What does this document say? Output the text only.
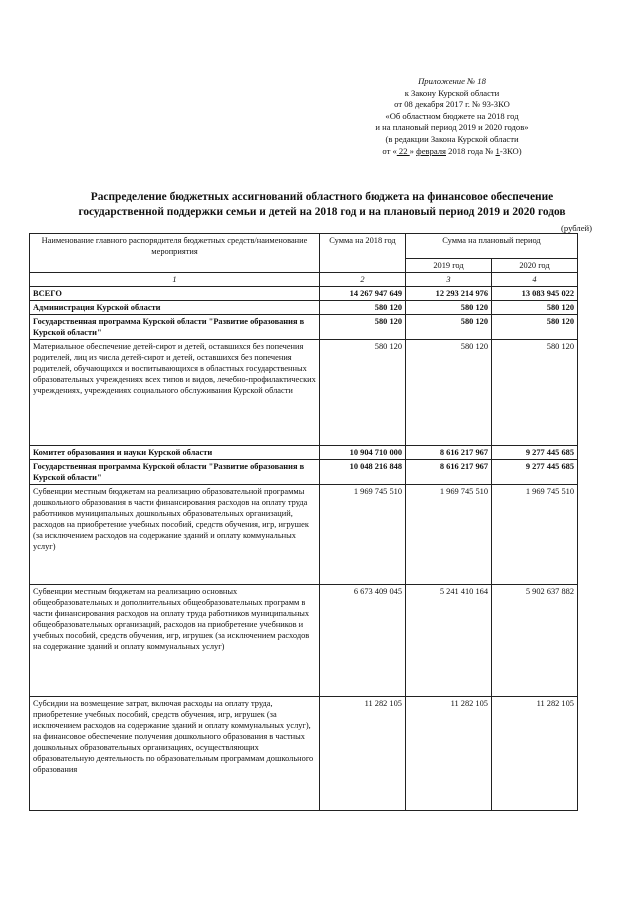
Приложение № 18
к Закону Курской области
от 08 декабря 2017 г. № 93-ЗКО
«Об областном бюджете на 2018 год
и на плановый период 2019 и 2020 годов»
(в редакции Закона Курской области
от « 22 » февраля 2018 года № 1-ЗКО)
Распределение бюджетных ассигнований областного бюджета на финансовое обеспечение
государственной поддержки семьи и детей на 2018 год и на плановый период 2019 и 2020 годов
(рублей)
Наименование главного распорядителя бюджетных средств/наименование мероприятия	Сумма на 2018 год	Сумма на плановый период	
		2019 год	2020 год
1	2	3	4
ВСЕГО	14 267 947 649	12 293 214 976	13 083 945 022
Администрация Курской области	580 120	580 120	580 120
Государственная программа Курской области "Развитие образования в Курской области"	580 120	580 120	580 120
Материальное обеспечение детей-сирот и детей, оставшихся без попечения родителей, лиц из числа детей-сирот и детей, оставшихся без попечения родителей, обучающихся и воспитывающихся в областных государственных образовательных учреждениях всех типов и видов, лечебно-профилактических учреждениях, учреждениях социального обслуживания Курской области	580 120	580 120	580 120
Комитет образования и науки Курской области	10 904 710 000	8 616 217 967	9 277 445 685
Государственная программа Курской области "Развитие образования в Курской области"	10 048 216 848	8 616 217 967	9 277 445 685
Субвенции местным бюджетам на реализацию образовательной программы дошкольного образования в части финансирования расходов на оплату труда работников муниципальных дошкольных образовательных организаций, расходов на приобретение учебных пособий, средств обучения, игр, игрушек (за исключением расходов на содержание зданий и оплату коммунальных услуг)	1 969 745 510	1 969 745 510	1 969 745 510
Субвенции местным бюджетам на реализацию основных общеобразовательных и дополнительных общеобразовательных программ в части финансирования расходов на оплату труда работников муниципальных общеобразовательных организаций, расходов на приобретение учебников и учебных пособий, средств обучения, игр, игрушек (за исключением расходов на содержание зданий и оплату коммунальных услуг)	6 673 409 045	5 241 410 164	5 902 637 882
Субсидии на возмещение затрат, включая расходы на оплату труда, приобретение учебных пособий, средств обучения, игр, игрушек (за исключением расходов на содержание зданий и оплату коммунальных услуг), на финансовое обеспечение получения дошкольного образования в частных дошкольных образовательных организациях, осуществляющих образовательную деятельность по образовательным программам дошкольного образования	11 282 105	11 282 105	11 282 105
